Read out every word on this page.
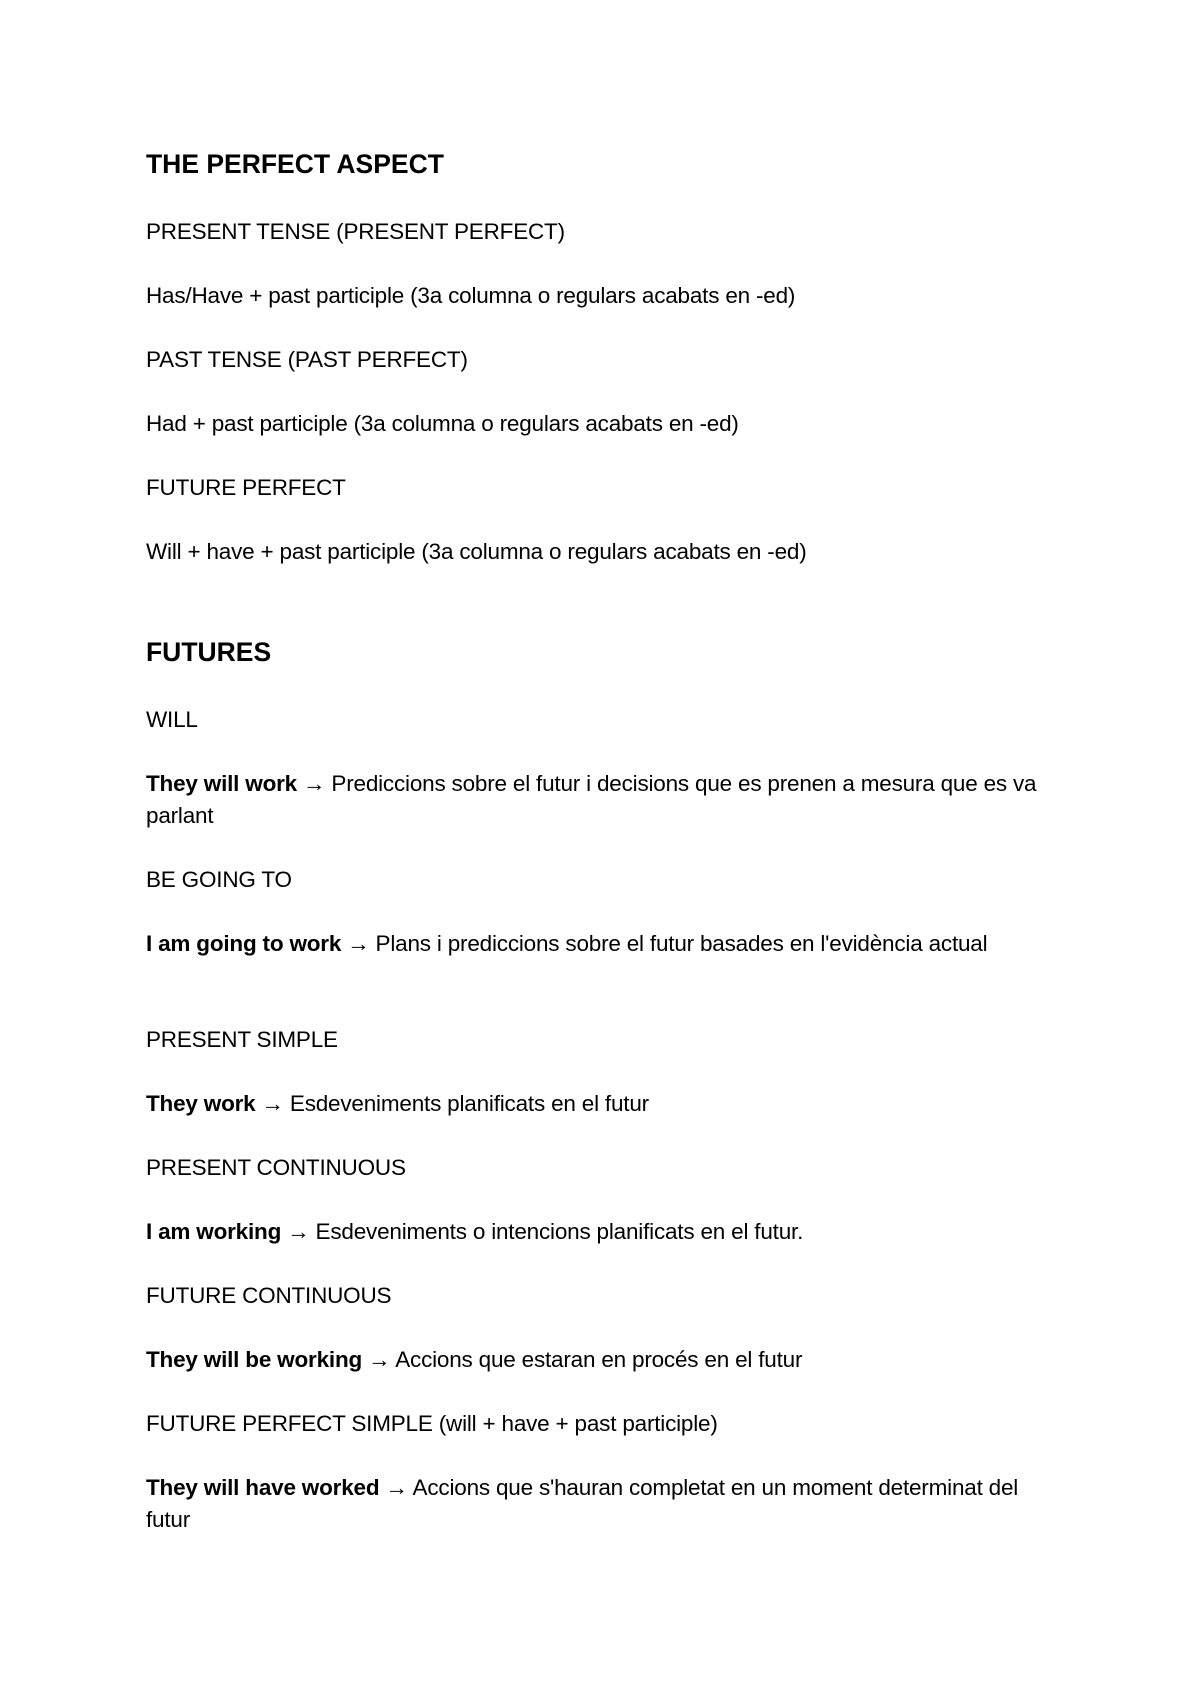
THE PERFECT ASPECT
PRESENT TENSE (PRESENT PERFECT)
Has/Have + past participle (3a columna o regulars acabats en -ed)
PAST TENSE (PAST PERFECT)
Had + past participle (3a columna o regulars acabats en -ed)
FUTURE PERFECT
Will + have + past participle (3a columna o regulars acabats en -ed)
FUTURES
WILL
They will work → Prediccions sobre el futur i decisions que es prenen a mesura que es va parlant
BE GOING TO
I am going to work → Plans i prediccions sobre el futur basades en l'evidència actual
PRESENT SIMPLE
They work → Esdeveniments planificats en el futur
PRESENT CONTINUOUS
I am working → Esdeveniments o intencions planificats en el futur.
FUTURE CONTINUOUS
They will be working → Accions que estaran en procés en el futur
FUTURE PERFECT SIMPLE (will + have + past participle)
They will have worked → Accions que s'hauran completat en un moment determinat del futur
